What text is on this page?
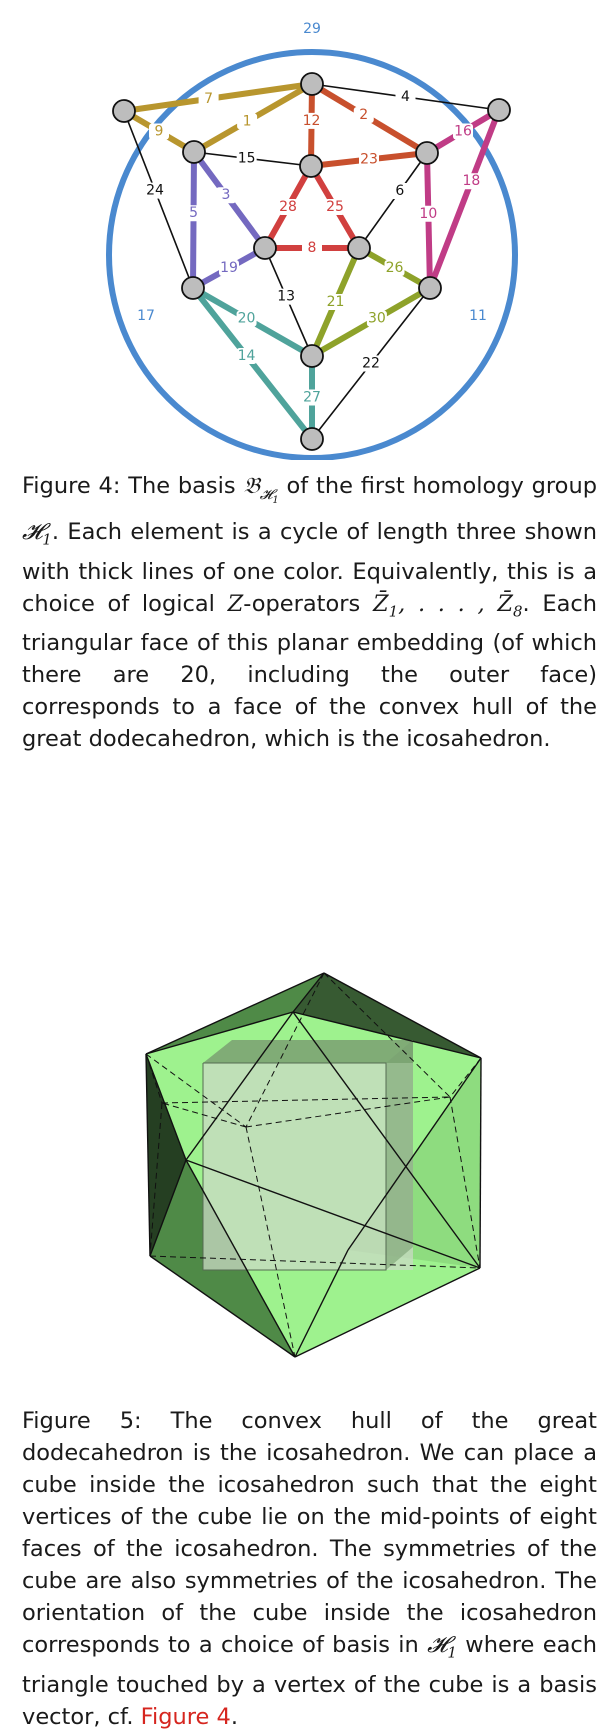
7	4
9
1	12	2
16
15	23
24	3
28 25
6
5
18
10
8
19	26
13 21
20	30
14	22
27
29
17	11
Figure 4: The basis 𝔅$_{𝓗_1}$ of the first homology group 𝓗$_1$. Each element is a cycle of length three shown with thick lines of one color. Equivalently, this is a choice of logical Z-operators $Z̄_1$, . . . , $Z̄_8$. Each triangular face of this planar embedding (of which there are 20, including the outer face) corresponds to a face of the convex hull of the great dodecahedron, which is the icosahedron.
Figure 5: The convex hull of the great dodecahedron is the icosahedron. We can place a cube inside the icosahedron such that the eight vertices of the cube lie on the mid-points of eight faces of the icosahedron. The symmetries of the cube are also symmetries of the icosahedron. The orientation of the cube inside the icosahedron corresponds to a choice of basis in 𝓗$_1$ where each triangle touched by a vertex of the cube is a basis vector, cf. Figure 4.
